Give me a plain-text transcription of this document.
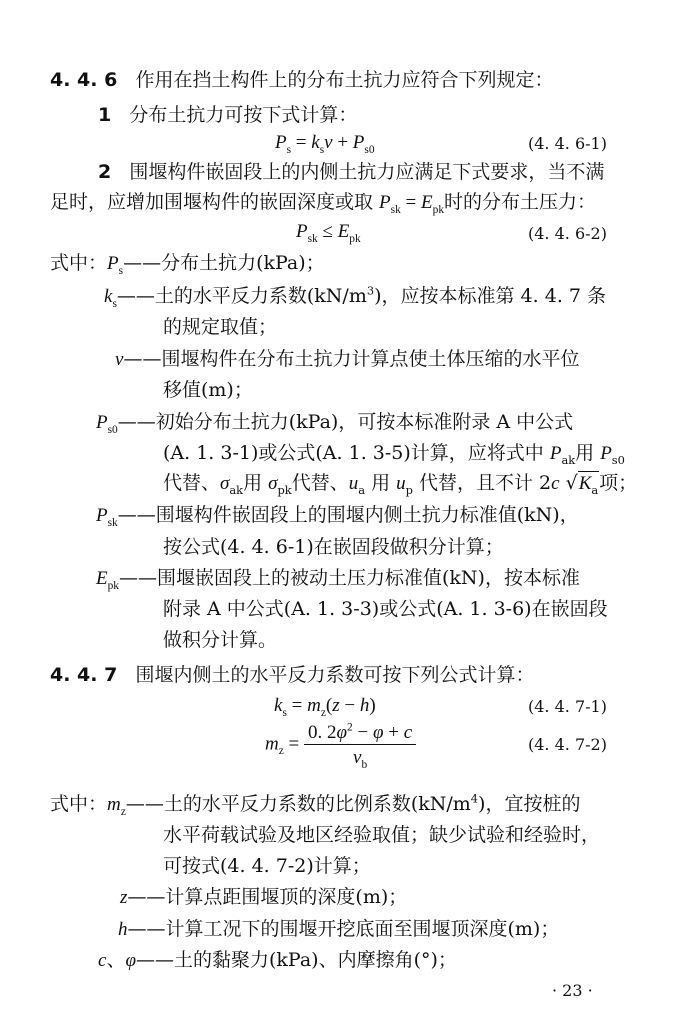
4. 4. 6 作用在挡土构件上的分布土抗力应符合下列规定：
1 分布土抗力可按下式计算：
$P_s = k_sv + P_{s0}$	(4. 4. 6-1)
2 围堰构件嵌固段上的内侧土抗力应满足下式要求，当不满
足时，应增加围堰构件的嵌固深度或取 $P_{sk} = E_{pk}$时的分布土压力：
$P_{sk} \le E_{pk}$	(4. 4. 6-2)
式中：$P_s——$分布土抗力(kPa)；
$k_s——$土的水平反力系数$(kN/m^3)$，应按本标准第 4. 4. 7 条
的规定取值；
v——围堰构件在分布土抗力计算点使土体压缩的水平位
移值(m)；
$P_{s0}——$初始分布土抗力(kPa)，可按本标准附录 A 中公式
(A. 1. 3-1)或公式(A. 1. 3-5)计算，应将式中 $P_{ak}$用 $P_{s0}$
代替、$\sigma_{ak}$用 $\sigma_{pk}$代替、$u_a$ 用 $u_p$ 代替，且不计 2c $√K_a$项；
$P_{sk}——$围堰构件嵌固段上的围堰内侧土抗力标准值(kN)，
按公式(4. 4. 6-1)在嵌固段做积分计算；
$E_{pk}——$围堰嵌固段上的被动土压力标准值(kN)，按本标准
附录 A 中公式(A. 1. 3-3)或公式(A. 1. 3-6)在嵌固段
做积分计算。
4. 4. 7 围堰内侧土的水平反力系数可按下列公式计算：
$k_s = m_z(z - h)$	(4. 4. 7-1)
$m_z = \frac{0. 2\varphi^2 - \varphi + c}{v_b}$	(4. 4. 7-2)
式中：$m_z——$土的水平反力系数的比例系数$(kN/m^4)$，宜按桩的
水平荷载试验及地区经验取值；缺少试验和经验时，
可按式(4. 4. 7-2)计算；
z——计算点距围堰顶的深度(m)；
h——计算工况下的围堰开挖底面至围堰顶深度(m)；
c、φ——土的黏聚力(kPa)、内摩擦角(°)；
· 23 ·
